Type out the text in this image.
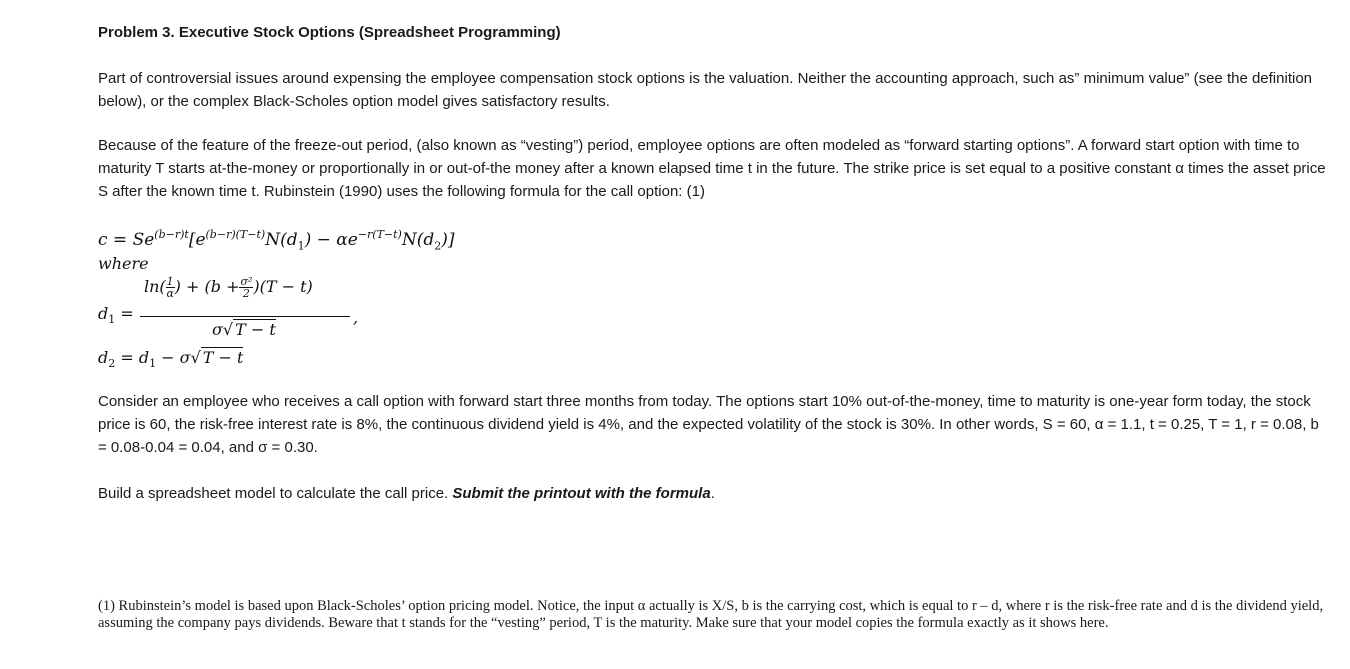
Problem 3. Executive Stock Options (Spreadsheet Programming)

Part of controversial issues around expensing the employee compensation stock options is the valuation. Neither the accounting approach, such as” minimum value” (see the definition below), or the complex Black-Scholes option model gives satisfactory results.

Because of the feature of the freeze-out period, (also known as “vesting”) period, employee options are often modeled as “forward starting options”. A forward start option with time to maturity T starts at-the-money or proportionally in or out-of-the money after a known elapsed time t in the future. The strike price is set equal to a positive constant α times the asset price S after the known time t. Rubinstein (1990) uses the following formula for the call option: (1)

$c = Se^{(b-r)t}[e^{(b-r)(T-t)}N(d_1) - \alpha e^{-r(T-t)}N(d_2)]$
where
$d_1$ =
$\ln( \frac{1}{\alpha}$ ) + $(b + \frac{\text{σ²}}{2} )(T - t)$
σ√ T − t
,
$d_2 = d_1 - \sigma√$ T − t

Consider an employee who receives a call option with forward start three months from today. The options start 10% out-of-the-money, time to maturity is one-year form today, the stock price is 60, the risk-free interest rate is 8%, the continuous dividend yield is 4%, and the expected volatility of the stock is 30%. In other words, S = 60, α = 1.1, t = 0.25, T = 1, r = 0.08, b = 0.08-0.04 = 0.04, and σ = 0.30.

Build a spreadsheet model to calculate the call price. Submit the printout with the formula.

(1) Rubinstein’s model is based upon Black-Scholes’ option pricing model. Notice, the input α actually is X/S, b is the carrying cost, which is equal to r – d, where r is the risk-free rate and d is the dividend yield, assuming the company pays dividends. Beware that t stands for the “vesting” period, T is the maturity. Make sure that your model copies the formula exactly as it shows here.
